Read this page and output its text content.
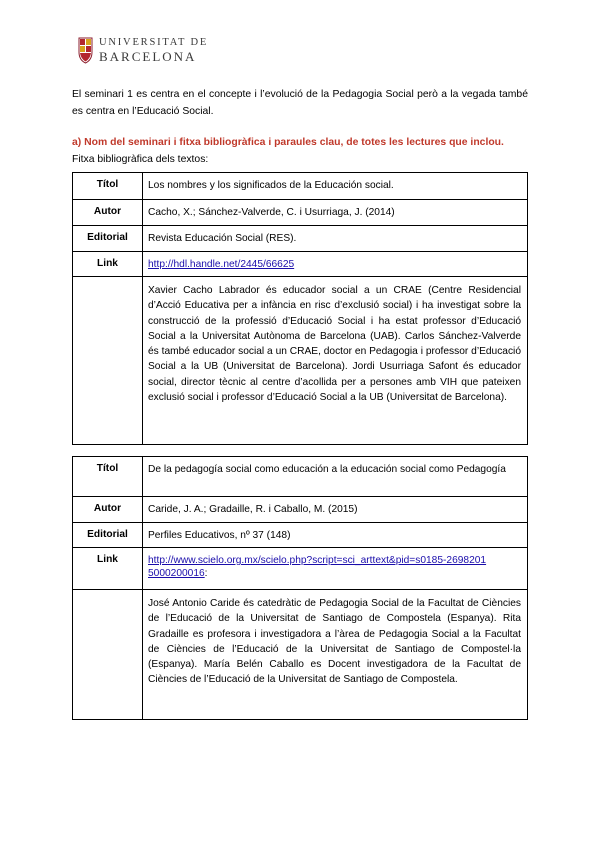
UNIVERSITAT DE
BARCELONA
El seminari 1 es centra en el concepte i l’evolució de la Pedagogia Social però a la vegada també es centra en l’Educació Social.
a) Nom del seminari i fitxa bibliogràfica i paraules clau, de totes les lectures que inclou.
Fitxa bibliogràfica dels textos:
Títol	Los nombres y los significados de la Educación social.
Autor	Cacho, X.; Sánchez-Valverde, C. i Usurriaga, J. (2014)
Editorial	Revista Educación Social (RES).
Link	http://hdl.handle.net/2445/66625
	Xavier Cacho Labrador és educador social a un CRAE (Centre Residencial d’Acció Educativa per a infància en risc d’exclusió social) i ha investigat sobre la construcció de la professió d’Educació Social i ha estat professor d’Educació Social a la Universitat Autònoma de Barcelona (UAB). Carlos Sánchez-Valverde és també educador social a un CRAE, doctor en Pedagogia i professor d’Educació Social a la UB (Universitat de Barcelona). Jordi Usurriaga Safont és educador social, director tècnic al centre d’acollida per a persones amb VIH que pateixen exclusió social i professor d’Educació Social a la UB (Universitat de Barcelona).
Títol	De la pedagogía social como educación a la educación social como Pedagogía
Autor	Caride, J. A.; Gradaille, R. i Caballo, M. (2015)
Editorial	Perfiles Educativos, nº 37 (148)
Link	http://www.scielo.org.mx/scielo.php?script=sci_arttext&pid=s0185-2698201 5000200016:
	José Antonio Caride és catedràtic de Pedagogia Social de la Facultat de Ciències de l’Educació de la Universitat de Santiago de Compostela (Espanya). Rita Gradaille es profesora i investigadora a l’àrea de Pedagogia Social a la Facultat de Ciències de l’Educació de la Universitat de Santiago de Compostel·la (Espanya). María Belén Caballo es Docent investigadora de la Facultat de Ciències de l’Educació de la Universitat de Santiago de Compostela.
